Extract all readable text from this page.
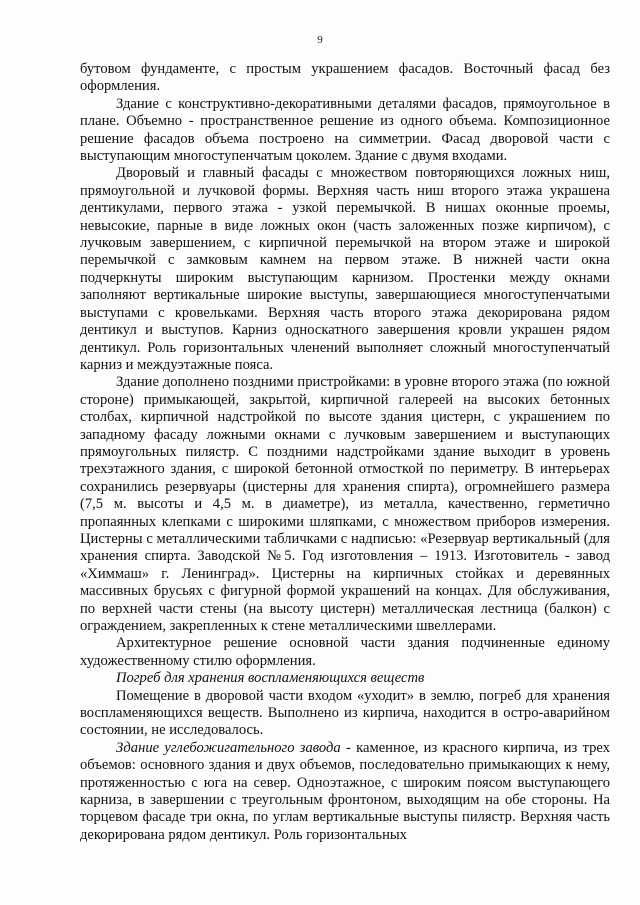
9

бутовом фундаменте, с простым украшением фасадов. Восточный фасад без оформления.

Здание с конструктивно-декоративными деталями фасадов, прямоугольное в плане. Объемно - пространственное решение из одного объема. Композиционное решение фасадов объема построено на симметрии. Фасад дворовой части с выступающим многоступенчатым цоколем. Здание с двумя входами.

Дворовый и главный фасады с множеством повторяющихся ложных ниш, прямоугольной и лучковой формы. Верхняя часть ниш второго этажа украшена дентикулами, первого этажа - узкой перемычкой. В нишах оконные проемы, невысокие, парные в виде ложных окон (часть заложенных позже кирпичом), с лучковым завершением, с кирпичной перемычкой на втором этаже и широкой перемычкой с замковым камнем на первом этаже. В нижней части окна подчеркнуты широким выступающим карнизом. Простенки между окнами заполняют вертикальные широкие выступы, завершающиеся многоступенчатыми выступами с кровельками. Верхняя часть второго этажа декорирована рядом дентикул и выступов. Карниз односкатного завершения кровли украшен рядом дентикул. Роль горизонтальных членений выполняет сложный многоступенчатый карниз и междуэтажные пояса.

Здание дополнено поздними пристройками: в уровне второго этажа (по южной стороне) примыкающей, закрытой, кирпичной галереей на высоких бетонных столбах, кирпичной надстройкой по высоте здания цистерн, с украшением по западному фасаду ложными окнами с лучковым завершением и выступающих прямоугольных пилястр. С поздними надстройками здание выходит в уровень трехэтажного здания, с широкой бетонной отмосткой по периметру. В интерьерах сохранились резервуары (цистерны для хранения спирта), огромнейшего размера (7,5 м. высоты и 4,5 м. в диаметре), из металла, качественно, герметично пропаянных клепками с широкими шляпками, с множеством приборов измерения. Цистерны с металлическими табличками с надписью: «Резервуар вертикальный (для хранения спирта. Заводской №5. Год изготовления – 1913. Изготовитель - завод «Химмаш» г. Ленинград». Цистерны на кирпичных стойках и деревянных массивных брусьях с фигурной формой украшений на концах. Для обслуживания, по верхней части стены (на высоту цистерн) металлическая лестница (балкон) с ограждением, закрепленных к стене металлическими швеллерами.

Архитектурное решение основной части здания подчиненные единому художественному стилю оформления.

Погреб для хранения воспламеняющихся веществ

Помещение в дворовой части входом «уходит» в землю, погреб для хранения воспламеняющихся веществ. Выполнено из кирпича, находится в остро-аварийном состоянии, не исследовалось.

Здание углебожигательного завода - каменное, из красного кирпича, из трех объемов: основного здания и двух объемов, последовательно примыкающих к нему, протяженностью с юга на север. Одноэтажное, с широким поясом выступающего карниза, в завершении с треугольным фронтоном, выходящим на обе стороны. На торцевом фасаде три окна, по углам вертикальные выступы пилястр. Верхняя часть декорирована рядом дентикул. Роль горизонтальных
